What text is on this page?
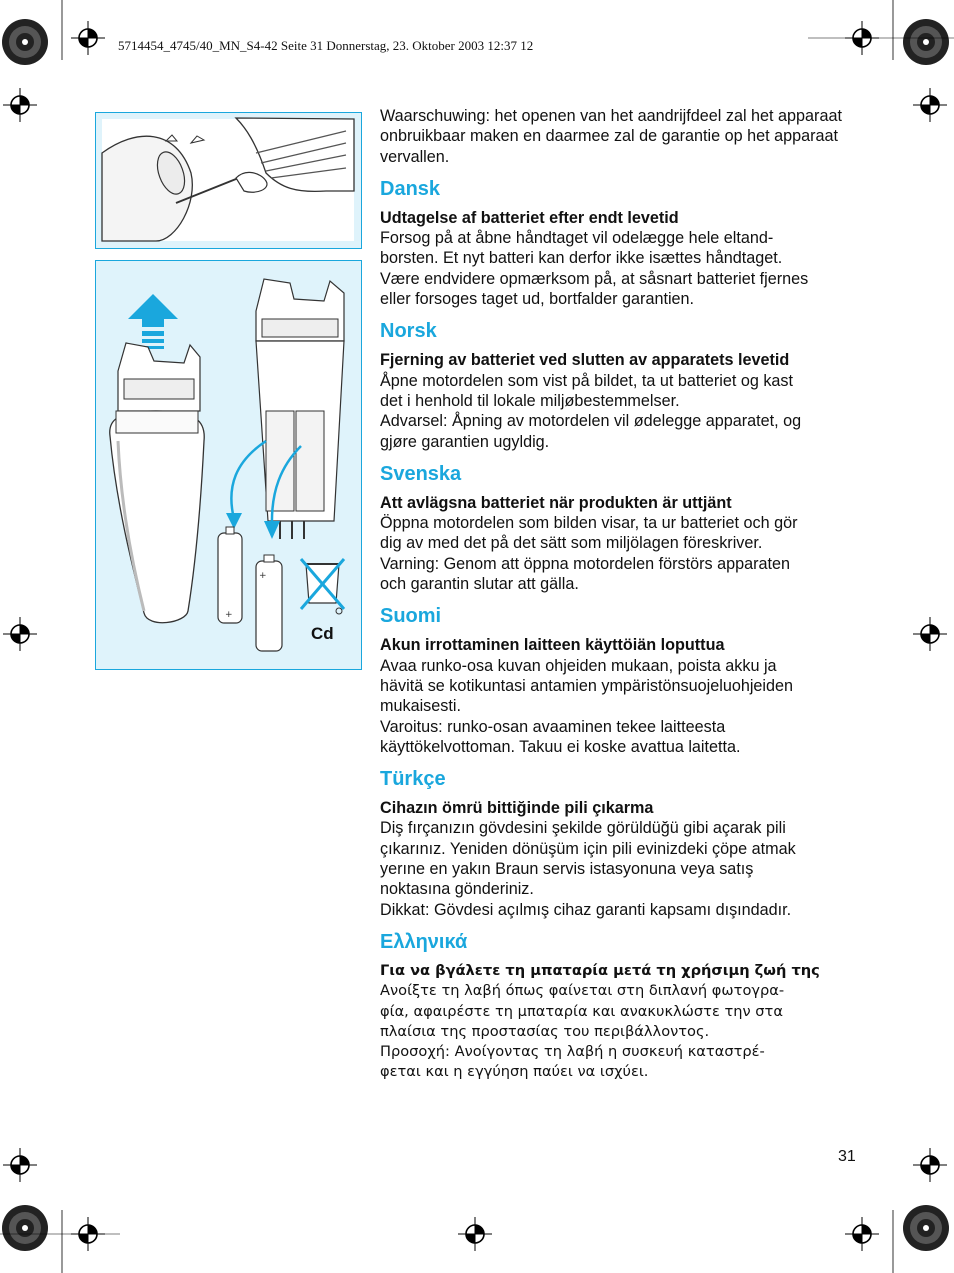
5714454_4745/40_MN_S4-42 Seite 31 Donnerstag, 23. Oktober 2003 12:37 12
+
+
Cd

Waarschuwing: het openen van het aandrijfdeel zal het apparaat onbruikbaar maken en daarmee zal de garantie op het apparaat vervallen.

Dansk

Udtagelse af batteriet efter endt levetid

Forsog på at åbne håndtaget vil odelægge hele eltand-

borsten. Et nyt batteri kan derfor ikke isættes håndtaget.

Være endvidere opmærksom på, at såsnart batteriet fjernes

eller forsoges taget ud, bortfalder garantien.

Norsk

Fjerning av batteriet ved slutten av apparatets levetid

Åpne motordelen som vist på bildet, ta ut batteriet og kast

det i henhold til lokale miljøbestemmelser.

Advarsel: Åpning av motordelen vil ødelegge apparatet, og

gjøre garantien ugyldig.

Svenska

Att avlägsna batteriet när produkten är uttjänt

Öppna motordelen som bilden visar, ta ur batteriet och gör

dig av med det på det sätt som miljölagen föreskriver.

Varning: Genom att öppna motordelen förstörs apparaten

och garantin slutar att gälla.

Suomi

Akun irrottaminen laitteen käyttöiän loputtua

Avaa runko-osa kuvan ohjeiden mukaan, poista akku ja

hävitä se kotikuntasi antamien ympäristönsuojeluohjeiden

mukaisesti.

Varoitus: runko-osan avaaminen tekee laitteesta

käyttökelvottoman. Takuu ei koske avattua laitetta.

Türkçe

Cihazın ömrü bittiğinde pili çıkarma

Diş fırçanızın gövdesini şekilde görüldüğü gibi açarak pili

çıkarınız. Yeniden dönüşüm için pili evinizdeki çöpe atmak

yerıne en yakın Braun servis istasyonuna veya satış

noktasına gönderiniz.

Dikkat: Gövdesi açılmış cihaz garanti kapsamı dışındadır.

Ελληνικά

Για να βγάλετε τη μπαταρία μετά τη χρήσιμη ζωή της

Ανοίξτε τη λαβή όπως φαίνεται στη διπλανή φωτογρα-

φία, αφαιρέστε τη μπαταρία και ανακυκλώστε την στα

πλαίσια της προστασίας του περιβάλλοντος.

Προσοχή: Ανοίγοντας τη λαβή η συσκευή καταστρέ-

φεται και η εγγύηση παύει να ισχύει.

31
